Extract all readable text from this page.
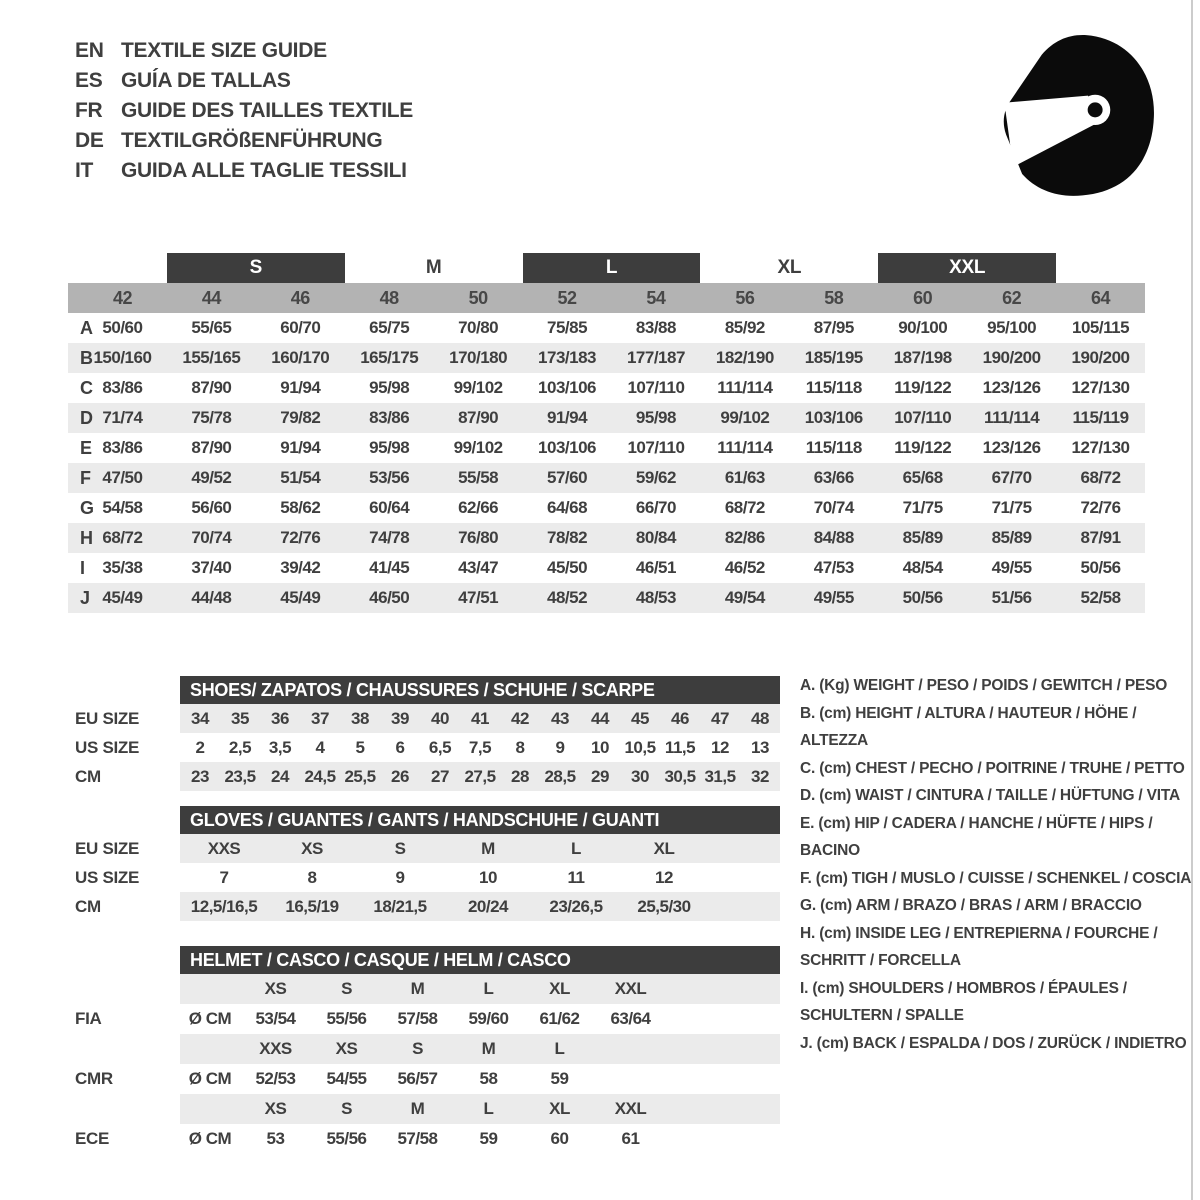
EN TEXTILE SIZE GUIDE
ES GUÍA DE TALLAS
FR GUIDE DES TAILLES TEXTILE
DE TEXTILGRÖßENFÜHRUNG
IT	GUIDA ALLE TAGLIE TESSILI
S	M	L	XL	XXL
42	44	46	48	50	52	54	56	58	60	62	64
A 50/60	55/65	60/70	65/75	70/80	75/85	83/88	85/92	87/95	90/100	95/100	105/115
B 150/160	155/165	160/170	165/175	170/180	173/183	177/187	182/190	185/195	187/198	190/200	190/200
C 83/86	87/90	91/94	95/98	99/102	103/106	107/110	111/114	115/118	119/122	123/126	127/130
D 71/74	75/78	79/82	83/86	87/90	91/94	95/98	99/102	103/106	107/110	111/114	115/119
E 83/86	87/90	91/94	95/98	99/102	103/106	107/110	111/114	115/118	119/122	123/126	127/130
F 47/50	49/52	51/54	53/56	55/58	57/60	59/62	61/63	63/66	65/68	67/70	68/72
G 54/58	56/60	58/62	60/64	62/66	64/68	66/70	68/72	70/74	71/75	71/75	72/76
H 68/72	70/74	72/76	74/78	76/80	78/82	80/84	82/86	84/88	85/89	85/89	87/91
I	35/38	37/40	39/42	41/45	43/47	45/50	46/51	46/52	47/53	48/54	49/55	50/56
J 45/49	44/48	45/49	46/50	47/51	48/52	48/53	49/54	49/55	50/56	51/56	52/58
SHOES/ ZAPATOS / CHAUSSURES / SCHUHE / SCARPE
EU SIZE	34	35	36	37	38	39	40	41	42	43	44	45	46	47	48
US SIZE	2	2,5	3,5	4	5	6	6,5	7,5	8	9	10 10,5 11,5 12	13
CM	23 23,5 24 24,5 25,5 26	27 27,5 28 28,5 29	30 30,5 31,5 32
GLOVES / GUANTES / GANTS / HANDSCHUHE / GUANTI
EU SIZE	XXS	XS	S	M	L	XL
US SIZE	7	8	9	10	11	12
CM	12,5/16,5	16,5/19	18/21,5	20/24	23/26,5	25,5/30
HELMET / CASCO / CASQUE / HELM / CASCO
XS	S	M	L	XL	XXL
FIA	Ø CM	53/54	55/56	57/58	59/60	61/62	63/64
XXS	XS	S	M	L
CMR	Ø CM	52/53	54/55	56/57	58	59
XS	S	M	L	XL	XXL
ECE	Ø CM	53	55/56	57/58	59	60	61
A. (Kg) WEIGHT / PESO / POIDS / GEWITCH / PESO
B. (cm) HEIGHT / ALTURA / HAUTEUR / HÖHE / ALTEZZA
C. (cm) CHEST / PECHO / POITRINE / TRUHE / PETTO
D. (cm) WAIST / CINTURA / TAILLE / HÜFTUNG / VITA
E. (cm) HIP / CADERA / HANCHE / HÜFTE / HIPS / BACINO
F. (cm) TIGH / MUSLO / CUISSE / SCHENKEL / COSCIA
G. (cm) ARM / BRAZO / BRAS / ARM / BRACCIO
H. (cm) INSIDE LEG / ENTREPIERNA / FOURCHE / SCHRITT / FORCELLA
I. (cm) SHOULDERS / HOMBROS / ÉPAULES / SCHULTERN / SPALLE
J. (cm) BACK / ESPALDA / DOS / ZURÜCK / INDIETRO
